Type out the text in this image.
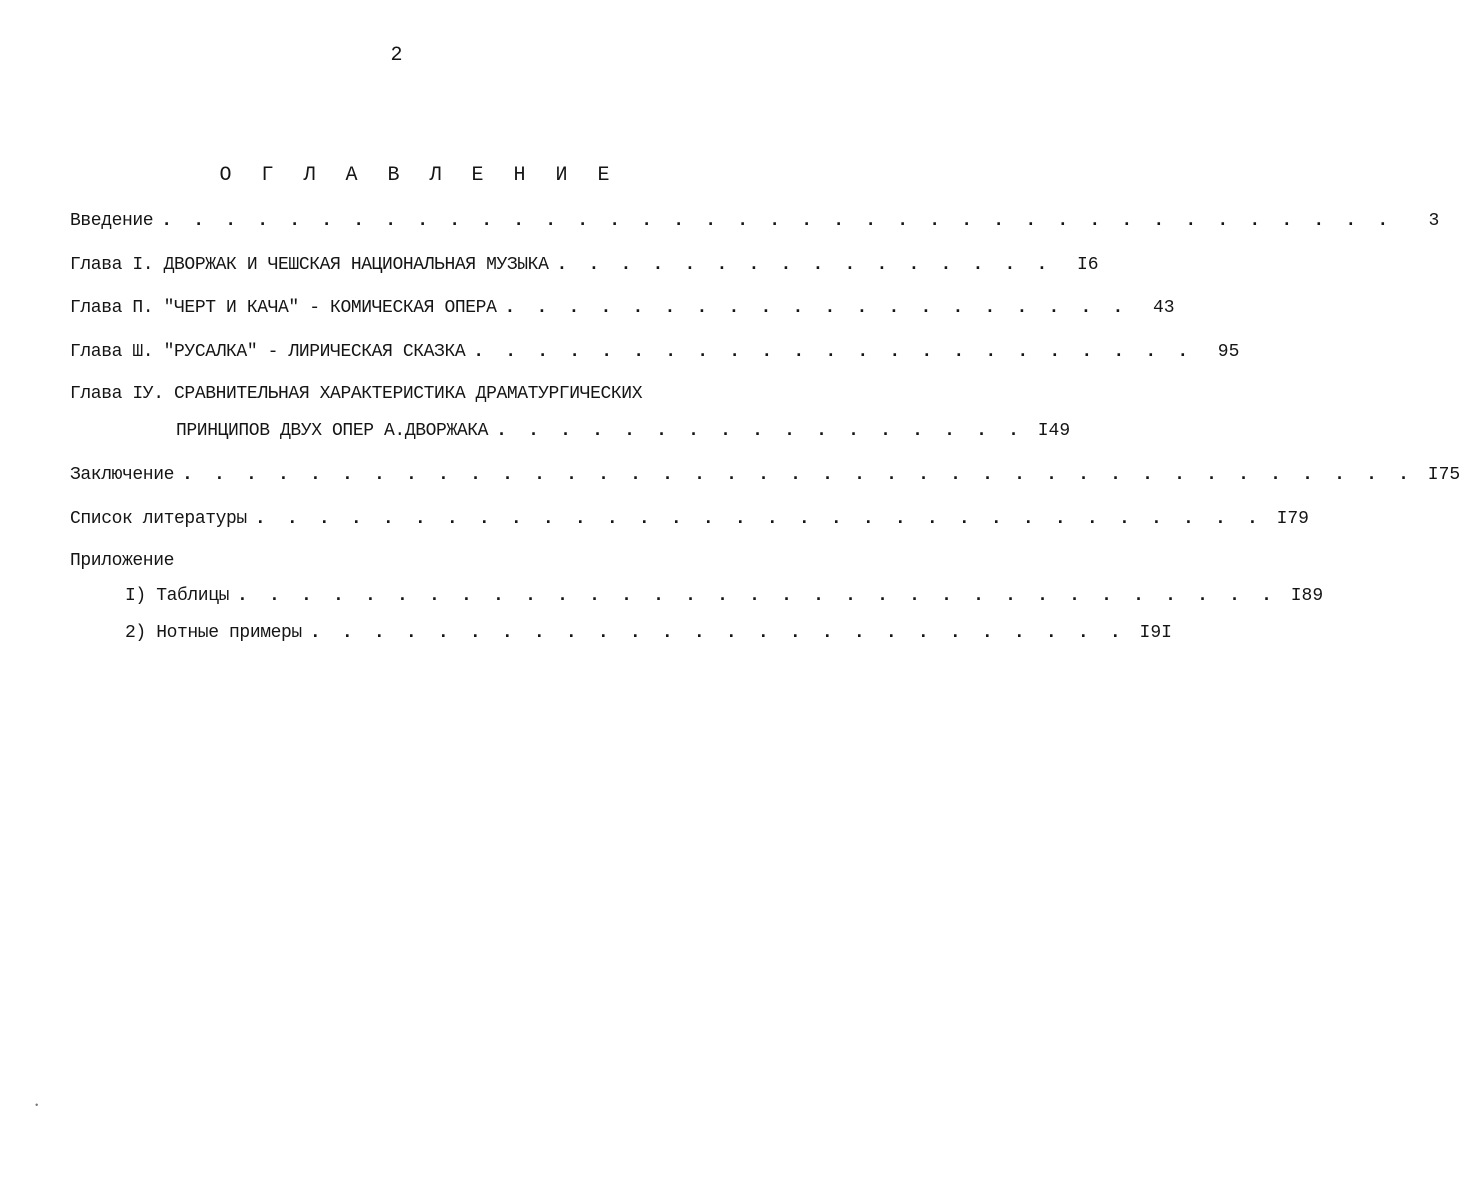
2
О Г Л А В Л Е Н И Е
Введение . . . . . . . . . . . . . . . . . . . . . . . . . . . . . . . . . . . . . . .	3
Глава I. ДВОРЖАК И ЧЕШСКАЯ НАЦИОНАЛЬНАЯ МУЗЫКА . . . . . . . . . . . . . . . .	I6
Глава П. "ЧЕРТ И КАЧА" - КОМИЧЕСКАЯ ОПЕРА . . . . . . . . . . . . . . . . . . . .	43
Глава Ш. "РУСАЛКА" - ЛИРИЧЕСКАЯ СКАЗКА . . . . . . . . . . . . . . . . . . . . . . .	95
Глава IУ. СРАВНИТЕЛЬНАЯ ХАРАКТЕРИСТИКА ДРАМАТУРГИЧЕСКИХ
ПРИНЦИПОВ ДВУХ ОПЕР А.ДВОРЖАКА . . . . . . . . . . . . . . . . . I49
Заключение . . . . . . . . . . . . . . . . . . . . . . . . . . . . . . . . . . . . . . . I75
Список литературы . . . . . . . . . . . . . . . . . . . . . . . . . . . . . . . . I79
Приложение
I) Таблицы . . . . . . . . . . . . . . . . . . . . . . . . . . . . . . . . . I89
2) Нотные примеры . . . . . . . . . . . . . . . . . . . . . . . . . . I9I
•
